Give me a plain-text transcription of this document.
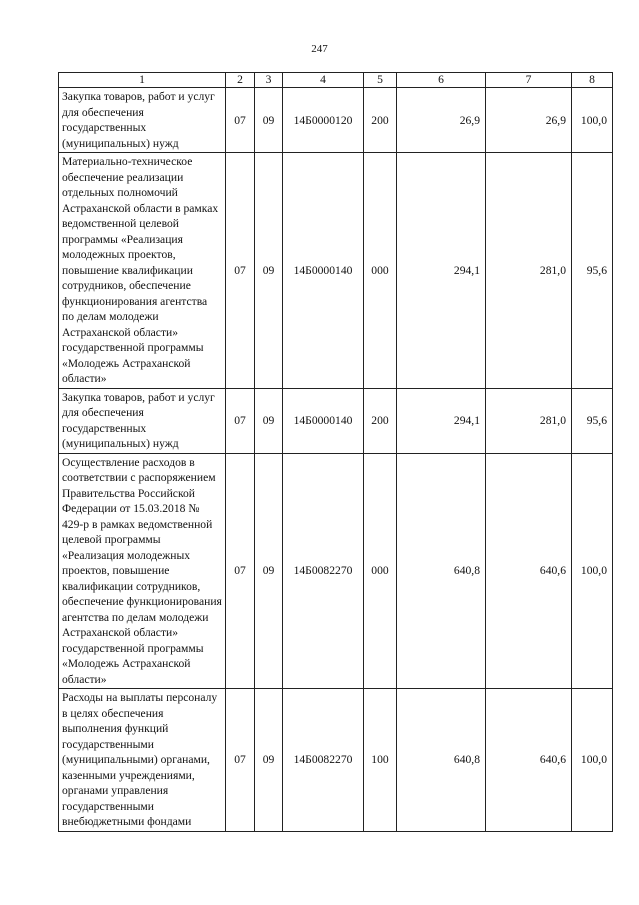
247
1	2	3	4	5	6	7	8
Закупка товаров, работ и услуг для обеспечения государственных (муниципальных) нужд	07	09	14Б0000120	200	26,9	26,9	100,0
Материально-техническое обеспечение реализации отдельных полномочий Астраханской области в рамках ведомственной целевой программы «Реализация молодежных проектов, повышение квалификации сотрудников, обеспечение функционирования агентства по делам молодежи Астраханской области» государственной программы «Молодежь Астраханской области»	07	09	14Б0000140	000	294,1	281,0	95,6
Закупка товаров, работ и услуг для обеспечения государственных (муниципальных) нужд	07	09	14Б0000140	200	294,1	281,0	95,6
Осуществление расходов в соответствии с распоряжением Правительства Российской Федерации от 15.03.2018 № 429-р в рамках ведомственной целевой программы «Реализация молодежных проектов, повышение квалификации сотрудников, обеспечение функционирования агентства по делам молодежи Астраханской области» государственной программы «Молодежь Астраханской области»	07	09	14Б0082270	000	640,8	640,6	100,0
Расходы на выплаты персоналу в целях обеспечения выполнения функций государственными (муниципальными) органами, казенными учреждениями, органами управления государственными внебюджетными фондами	07	09	14Б0082270	100	640,8	640,6	100,0
